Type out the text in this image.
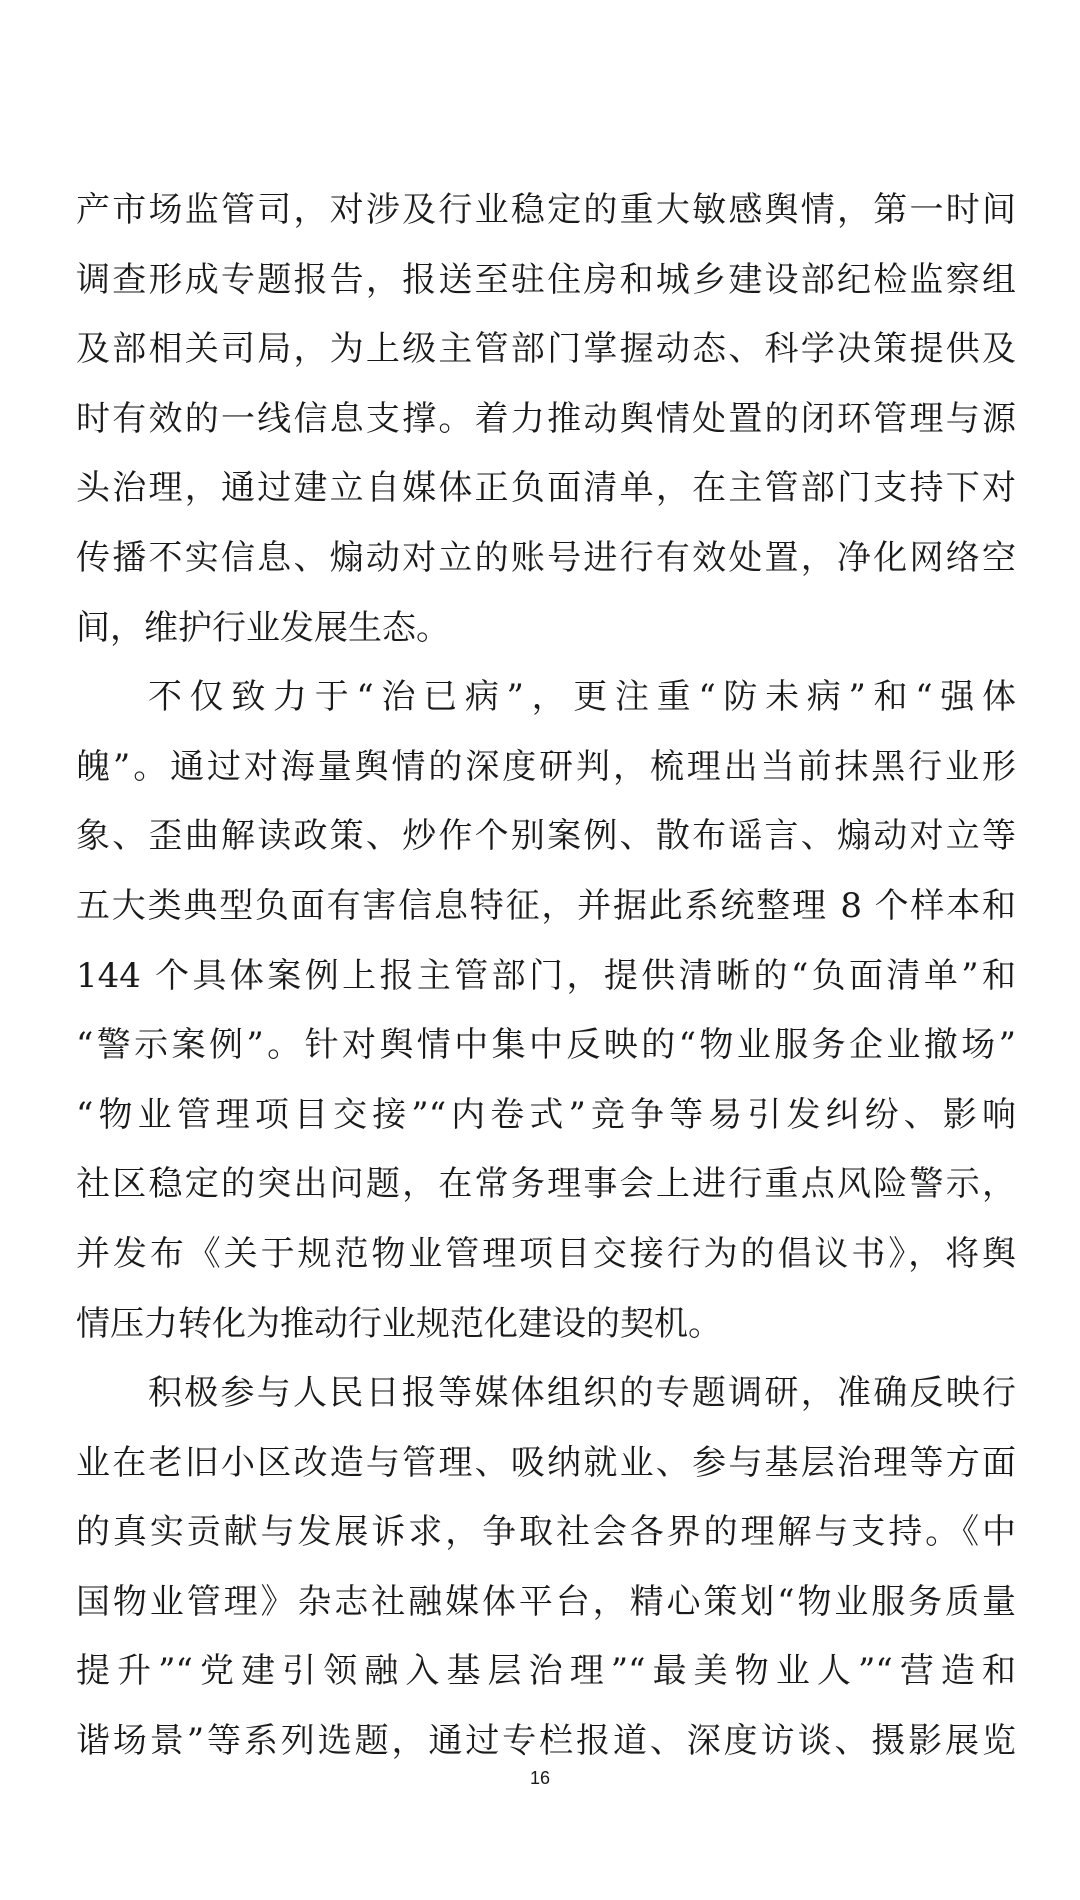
产市场监管司，对涉及行业稳定的重大敏感舆情，第一时间
调查形成专题报告，报送至驻住房和城乡建设部纪检监察组
及部相关司局，为上级主管部门掌握动态、科学决策提供及
时有效的一线信息支撑。着力推动舆情处置的闭环管理与源
头治理，通过建立自媒体正负面清单，在主管部门支持下对
传播不实信息、煽动对立的账号进行有效处置，净化网络空
间，维护行业发展生态。
不仅致力于“治已病”，更注重“防未病”和“强体
魄”。通过对海量舆情的深度研判，梳理出当前抹黑行业形
象、歪曲解读政策、炒作个别案例、散布谣言、煽动对立等
五大类典型负面有害信息特征，并据此系统整理 8 个样本和
144 个具体案例上报主管部门，提供清晰的“负面清单”和
“警示案例”。针对舆情中集中反映的“物业服务企业撤场”
“物业管理项目交接”“内卷式”竞争等易引发纠纷、影响
社区稳定的突出问题，在常务理事会上进行重点风险警示，
并发布《关于规范物业管理项目交接行为的倡议书》，将舆
情压力转化为推动行业规范化建设的契机。
积极参与人民日报等媒体组织的专题调研，准确反映行
业在老旧小区改造与管理、吸纳就业、参与基层治理等方面
的真实贡献与发展诉求，争取社会各界的理解与支持。《中
国物业管理》杂志社融媒体平台，精心策划“物业服务质量
提升”“党建引领融入基层治理”“最美物业人”“营造和
谐场景”等系列选题，通过专栏报道、深度访谈、摄影展览
16
